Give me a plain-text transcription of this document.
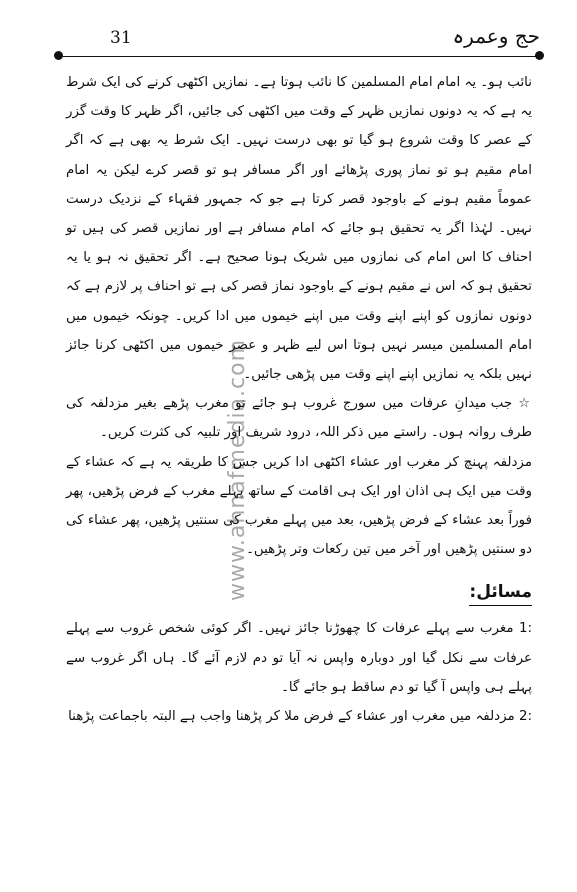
حج وعمرہ
31
www.ahnafmedia.com

نائب ہو۔ یہ امام امام المسلمین کا نائب ہوتا ہے۔ نمازیں اکٹھی کرنے کی ایک شرط یہ ہے کہ یہ دونوں نمازیں ظہر کے وقت میں اکٹھی کی جائیں، اگر ظہر کا وقت گزر کے عصر کا وقت شروع ہو گیا تو بھی درست نہیں۔ ایک شرط یہ بھی ہے کہ اگر امام مقیم ہو تو نماز پوری پڑھائے اور اگر مسافر ہو تو قصر کرے لیکن یہ امام عموماً مقیم ہونے کے باوجود قصر کرتا ہے جو کہ جمہور فقہاء کے نزدیک درست نہیں۔ لہٰذا اگر یہ تحقیق ہو جائے کہ امام مسافر ہے اور نمازیں قصر کی ہیں تو احناف کا اس امام کی نمازوں میں شریک ہونا صحیح ہے۔ اگر تحقیق نہ ہو یا یہ تحقیق ہو کہ اس نے مقیم ہونے کے باوجود نماز قصر کی ہے تو احناف پر لازم ہے کہ دونوں نمازوں کو اپنے اپنے وقت میں اپنے خیموں میں ادا کریں۔ چونکہ خیموں میں امام المسلمین میسر نہیں ہوتا اس لیے ظہر و عصر خیموں میں اکٹھی کرنا جائز نہیں بلکہ یہ نمازیں اپنے اپنے وقت میں پڑھی جائیں۔

☆ جب میدانِ عرفات میں سورج غروب ہو جائے تو مغرب پڑھے بغیر مزدلفہ کی طرف روانہ ہوں۔ راستے میں ذکر اللہ، درود شریف اور تلبیہ کی کثرت کریں۔

مزدلفہ پہنچ کر مغرب اور عشاء اکٹھی ادا کریں جس کا طریقہ یہ ہے کہ عشاء کے وقت میں ایک ہی اذان اور ایک ہی اقامت کے ساتھ پہلے مغرب کے فرض پڑھیں، پھر فوراً بعد عشاء کے فرض پڑھیں، بعد میں پہلے مغرب کی سنتیں پڑھیں، پھر عشاء کی دو سنتیں پڑھیں اور آخر میں تین رکعات وتر پڑھیں۔

مسائل:

1: مغرب سے پہلے عرفات کا چھوڑنا جائز نہیں۔ اگر کوئی شخص غروب سے پہلے عرفات سے نکل گیا اور دوبارہ واپس نہ آیا تو دم لازم آئے گا۔ ہاں اگر غروب سے پہلے ہی واپس آ گیا تو دم ساقط ہو جائے گا۔

2: مزدلفہ میں مغرب اور عشاء کے فرض ملا کر پڑھنا واجب ہے البتہ باجماعت پڑھنا
